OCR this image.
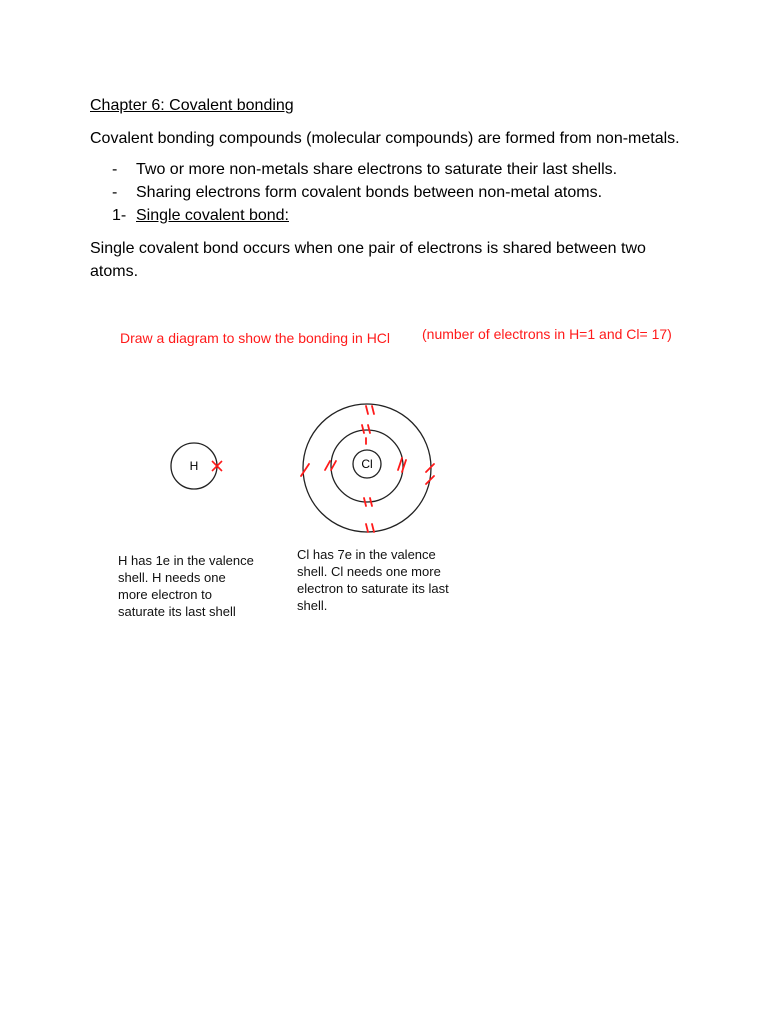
Chapter 6: Covalent bonding
Covalent bonding compounds (molecular compounds) are formed from non-metals.
- Two or more non-metals share electrons to saturate their last shells.
- Sharing electrons form covalent bonds between non-metal atoms.
1- Single covalent bond:
Single covalent bond occurs when one pair of electrons is shared between two atoms.
Draw a diagram to show the bonding in HCl (number of electrons in H=1 and Cl= 17)
H	Cl
H has 1e in the valence shell. H needs one more electron to saturate its last shell
Cl has 7e in the valence shell. Cl needs one more electron to saturate its last shell.
